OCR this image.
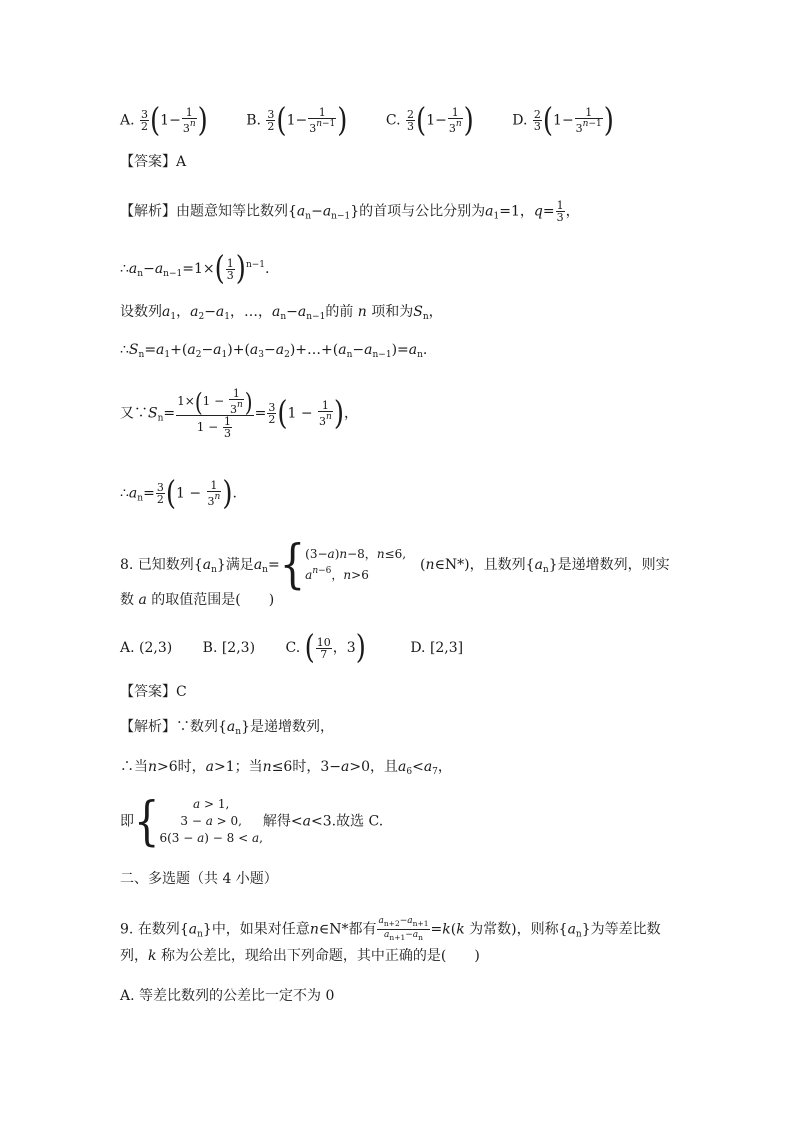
A. $\frac{3}{2} (1- \frac{1}{3^n}$ )	B. $\frac{3}{2} (1- \frac{1}{3^{n-1}}$ )	C. $\frac{2}{3} (1- \frac{1}{3^n}$ )	D. $\frac{2}{3} (1- \frac{1}{3^{n-1}}$ )
【答案】A
【解析】由题意知等比数列$\{a_n-a_{n-1}\}$的首项与公比分别为$a_1=1$，$q= \frac{1}{3}$ ，
$\therefore a_n-a_{n-1}=1\times( \frac{1}{3} )^{n-1}$.
设数列$a_1$，$a_2-a_1$，…，$a_n-a_{n-1}$的前 n 项和为$S_n$，
$\therefore S_n=a_1+(a_2-a_1)+(a_3-a_2)+\dots+(a_n-a_{n-1})=a_n$.
又$\because S_n= \frac{1\times(1 - \frac{1}{3^n} )}{1 - \frac{1}{3}} = \frac{3}{2} (1 - \frac{1}{3^n}$ )，
$\therefore a_n= \frac{3}{2} (1 - \frac{1}{3^n}$ ).
8. 已知数列$\{a_n\}$满足$a_n=\{(3-a)n-8$，n≤6,
$a^{n-6}$，n>6　(n∈N*)，且数列$\{a_n\}$是递增数列，则实
数 a 的取值范围是(　　)
A. (2,3) B. [2,3) C. ( $\frac{10}{7}$ ，3)	D. [2,3]
【答案】C
【解析】∵数列$\{a_n\}$是递增数列，
∴当n>6时，a>1；当n≤6时，3−a>0，且$a_6<a_7$，
即{	a > 1,
3 − a > 0,
6(3 − a) − 8 < a,解得<a<3.故选 C.
二、多选题（共 4 小题）
9. 在数列$\{a_n\}$中，如果对任意n∈N*都有 $\frac{a_{n+2}-a_{n+1}}{a_{n+1}-a_n} =k(k$ 为常数)，则称$\{a_n\}$为等差比数
列，k 称为公差比，现给出下列命题，其中正确的是(　　)
A. 等差比数列的公差比一定不为 0
